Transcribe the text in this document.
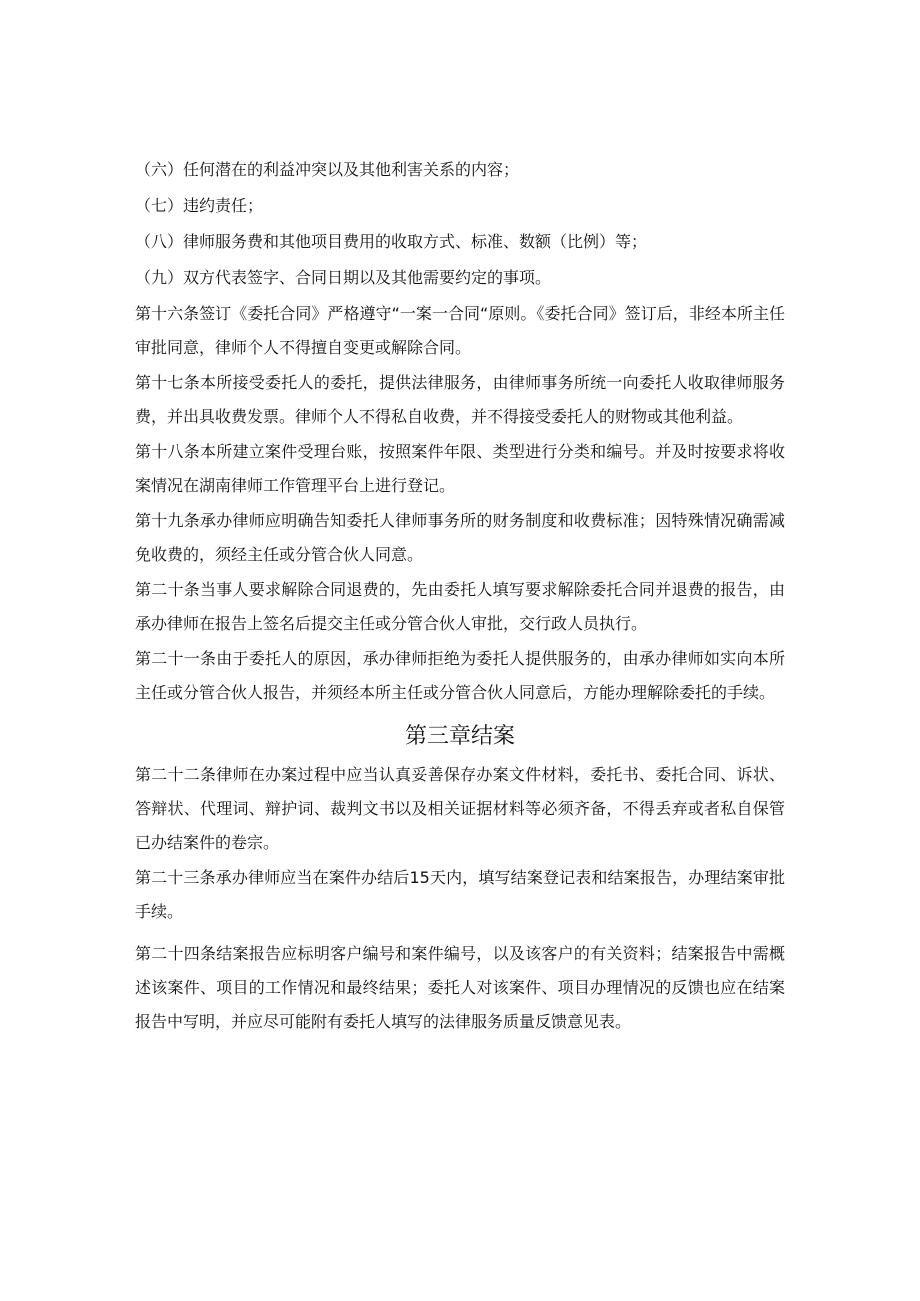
（六）任何潜在的利益冲突以及其他利害关系的内容；
（七）违约责任；
（八）律师服务费和其他项目费用的收取方式、标准、数额（比例）等；
（九）双方代表签字、合同日期以及其他需要约定的事项。
第十六条签订《委托合同》严格遵守“一案一合同“原则。《委托合同》签订后，非经本所主任审批同意，律师个人不得擅自变更或解除合同。
第十七条本所接受委托人的委托，提供法律服务，由律师事务所统一向委托人收取律师服务费，并出具收费发票。律师个人不得私自收费，并不得接受委托人的财物或其他利益。
第十八条本所建立案件受理台账，按照案件年限、类型进行分类和编号。并及时按要求将收案情况在湖南律师工作管理平台上进行登记。
第十九条承办律师应明确告知委托人律师事务所的财务制度和收费标准；因特殊情况确需减免收费的，须经主任或分管合伙人同意。
第二十条当事人要求解除合同退费的，先由委托人填写要求解除委托合同并退费的报告，由承办律师在报告上签名后提交主任或分管合伙人审批，交行政人员执行。
第二十一条由于委托人的原因，承办律师拒绝为委托人提供服务的，由承办律师如实向本所主任或分管合伙人报告，并须经本所主任或分管合伙人同意后，方能办理解除委托的手续。
第三章结案
第二十二条律师在办案过程中应当认真妥善保存办案文件材料，委托书、委托合同、诉状、答辩状、代理词、辩护词、裁判文书以及相关证据材料等必须齐备，不得丢弃或者私自保管已办结案件的卷宗。
第二十三条承办律师应当在案件办结后15天内，填写结案登记表和结案报告，办理结案审批手续。
第二十四条结案报告应标明客户编号和案件编号，以及该客户的有关资料；结案报告中需概述该案件、项目的工作情况和最终结果；委托人对该案件、项目办理情况的反馈也应在结案报告中写明，并应尽可能附有委托人填写的法律服务质量反馈意见表。
